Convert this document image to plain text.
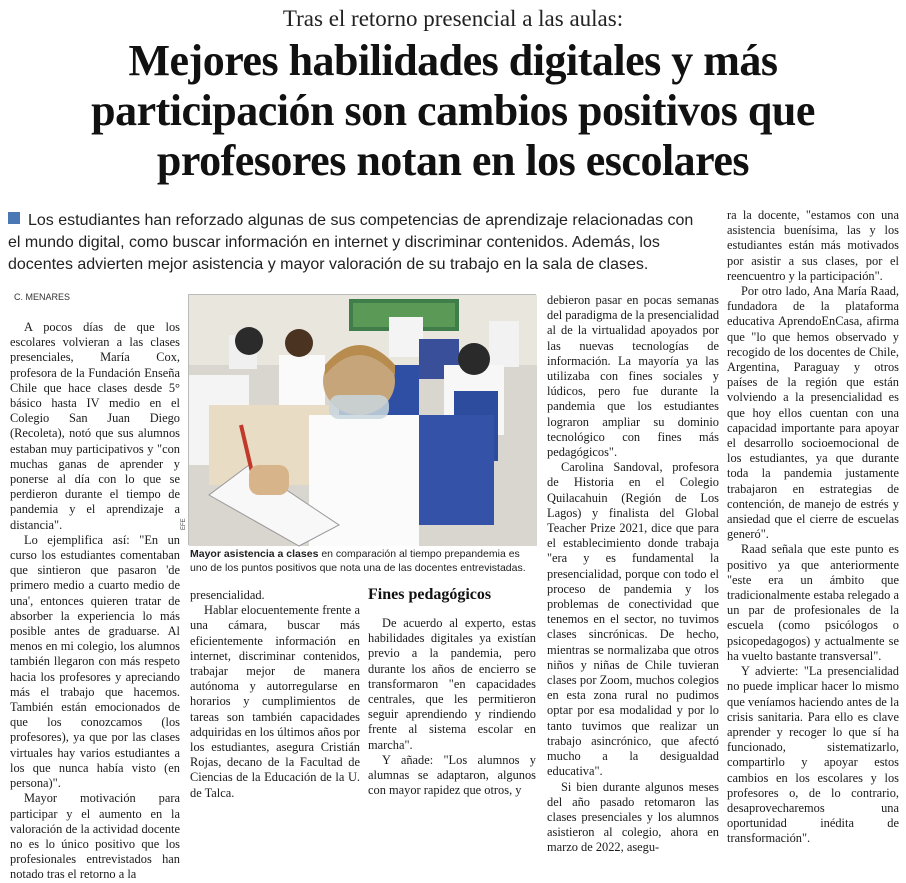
Tras el retorno presencial a las aulas:
Mejores habilidades digitales y más participación son cambios positivos que profesores notan en los escolares
Los estudiantes han reforzado algunas de sus competencias de aprendizaje relacionadas con el mundo digital, como buscar información en internet y discriminar contenidos. Además, los docentes advierten mejor asistencia y mayor valoración de su trabajo en la sala de clases.
C. MENARES

A pocos días de que los escolares volvieran a las clases presenciales, María Cox, profesora de la Fundación Enseña Chile que hace clases desde 5° básico hasta IV medio en el Colegio San Juan Diego (Recoleta), notó que sus alumnos estaban muy participativos y "con muchas ganas de aprender y ponerse al día con lo que se perdieron durante el tiempo de pandemia y el aprendizaje a distancia".

Lo ejemplifica así: "En un curso los estudiantes comentaban que sintieron que pasaron 'de primero medio a cuarto medio de una', entonces quieren tratar de absorber la experiencia lo más posible antes de graduarse. Al menos en mi colegio, los alumnos también llegaron con más respeto hacia los profesores y apreciando más el trabajo que hacemos. También están emocionados de que los conozcamos (los profesores), ya que por las clases virtuales hay varios estudiantes a los que nunca había visto (en persona)".

Mayor motivación para participar y el aumento en la valoración de la actividad docente no es lo único positivo que los profesionales entrevistados han notado tras el retorno a la

EFE
Mayor asistencia a clases en comparación al tiempo prepandemia es uno de los puntos positivos que nota una de las docentes entrevistadas.

presencialidad.

Hablar elocuentemente frente a una cámara, buscar más eficientemente información en internet, discriminar contenidos, trabajar mejor de manera autónoma y autorregularse en horarios y cumplimientos de tareas son también capacidades adquiridas en los últimos años por los estudiantes, asegura Cristián Rojas, decano de la Facultad de Ciencias de la Educación de la U. de Talca.

Fines pedagógicos

De acuerdo al experto, estas habilidades digitales ya existían previo a la pandemia, pero durante los años de encierro se transformaron "en capacidades centrales, que les permitieron seguir aprendiendo y rindiendo frente al sistema escolar en marcha".

Y añade: "Los alumnos y alumnas se adaptaron, algunos con mayor rapidez que otros, y

debieron pasar en pocas semanas del paradigma de la presencialidad al de la virtualidad apoyados por las nuevas tecnologías de información. La mayoría ya las utilizaba con fines sociales y lúdicos, pero fue durante la pandemia que los estudiantes lograron ampliar su dominio tecnológico con fines más pedagógicos".

Carolina Sandoval, profesora de Historia en el Colegio Quilacahuin (Región de Los Lagos) y finalista del Global Teacher Prize 2021, dice que para el establecimiento donde trabaja "era y es fundamental la presencialidad, porque con todo el proceso de pandemia y los problemas de conectividad que tenemos en el sector, no tuvimos clases sincrónicas. De hecho, mientras se normalizaba que otros niños y niñas de Chile tuvieran clases por Zoom, muchos colegios en esta zona rural no pudimos optar por esa modalidad y por lo tanto tuvimos que realizar un trabajo asincrónico, que afectó mucho a la desigualdad educativa".

Si bien durante algunos meses del año pasado retomaron las clases presenciales y los alumnos asistieron al colegio, ahora en marzo de 2022, asegu-

ra la docente, "estamos con una asistencia buenísima, las y los estudiantes están más motivados por asistir a sus clases, por el reencuentro y la participación".

Por otro lado, Ana María Raad, fundadora de la plataforma educativa AprendoEnCasa, afirma que "lo que hemos observado y recogido de los docentes de Chile, Argentina, Paraguay y otros países de la región que están volviendo a la presencialidad es que hoy ellos cuentan con una capacidad importante para apoyar el desarrollo socioemocional de los estudiantes, ya que durante toda la pandemia justamente trabajaron en estrategias de contención, de manejo de estrés y ansiedad que el cierre de escuelas generó".

Raad señala que este punto es positivo ya que anteriormente "este era un ámbito que tradicionalmente estaba relegado a un par de profesionales de la escuela (como psicólogos o psicopedagogos) y actualmente se ha vuelto bastante transversal".

Y advierte: "La presencialidad no puede implicar hacer lo mismo que veníamos haciendo antes de la crisis sanitaria. Para ello es clave aprender y recoger lo que sí ha funcionado, sistematizarlo, compartirlo y apoyar estos cambios en los escolares y los profesores o, de lo contrario, desaprovecharemos una oportunidad inédita de transformación".
